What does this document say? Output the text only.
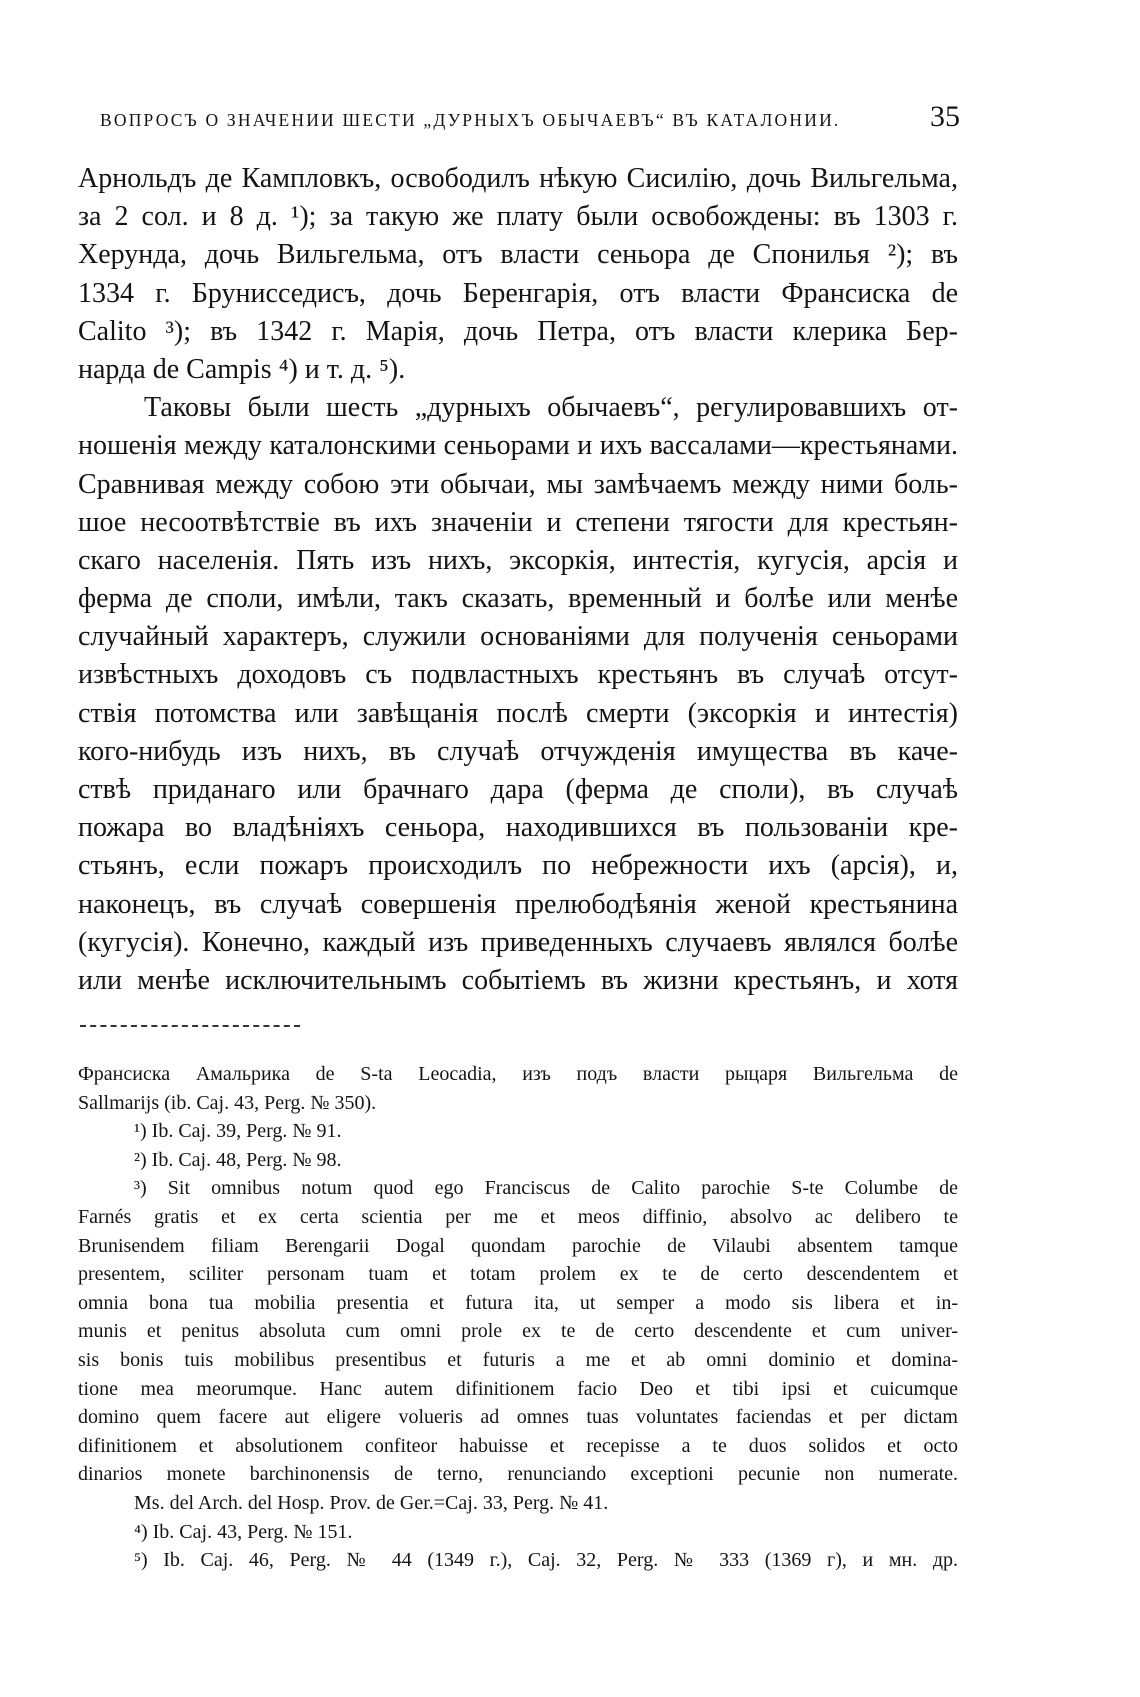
ВОПРОСЪ О ЗНАЧЕНИИ ШЕСТИ „ДУРНЫХЪ ОБЫЧАЕВЪ“ ВЪ КАТАЛОНИИ.	35
Арнольдъ де Кампловкъ, освободилъ нѣкую Сисилію, дочь Вильгельма,
за 2 сол. и 8 д. ¹); за такую же плату были освобождены: въ 1303 г.
Херунда, дочь Вильгельма, отъ власти сеньора де Спонилья ²); въ
1334 г. Брунисседисъ, дочь Беренгарія, отъ власти Франсиска de
Calito ³); въ 1342 г. Марія, дочь Петра, отъ власти клерика Бер-
нарда de Campis ⁴) и т. д. ⁵).
Таковы были шесть „дурныхъ обычаевъ“, регулировавшихъ от-
ношенія между каталонскими сеньорами и ихъ вассалами—крестьянами.
Сравнивая между собою эти обычаи, мы замѣчаемъ между ними боль-
шое несоотвѣтствіе въ ихъ значеніи и степени тягости для крестьян-
скаго населенія. Пять изъ нихъ, эксоркія, интестія, кугусія, арсія и
ферма де споли, имѣли, такъ сказать, временный и болѣе или менѣе
случайный характеръ, служили основаніями для полученія сеньорами
извѣстныхъ доходовъ съ подвластныхъ крестьянъ въ случаѣ отсут-
ствія потомства или завѣщанія послѣ смерти (эксоркія и интестія)
кого-нибудь изъ нихъ, въ случаѣ отчужденія имущества въ каче-
ствѣ приданаго или брачнаго дара (ферма де споли), въ случаѣ
пожара во владѣніяхъ сеньора, находившихся въ пользованіи кре-
стьянъ, если пожаръ происходилъ по небрежности ихъ (арсія), и,
наконецъ, въ случаѣ совершенія прелюбодѣянія женой крестьянина
(кугусія). Конечно, каждый изъ приведенныхъ случаевъ являлся болѣе
или менѣе исключительнымъ событіемъ въ жизни крестьянъ, и хотя
Франсиска Амальрика de S-ta Leocadia, изъ подъ власти рыцаря Вильгельма de
Sallmarijs (ib. Caj. 43, Perg. № 350).
¹) Ib. Caj. 39, Perg. № 91.
²) Ib. Caj. 48, Perg. № 98.
³) Sit omnibus notum quod ego Franciscus de Calito parochie S-te Columbe de
Farnés gratis et ex certa scientia per me et meos diffinio, absolvo ac delibero te
Brunisendem filiam Berengarii Dogal quondam parochie de Vilaubi absentem tamque
presentem, sciliter personam tuam et totam prolem ex te de certo descendentem et
omnia bona tua mobilia presentia et futura ita, ut semper a modo sis libera et in-
munis et penitus absoluta cum omni prole ex te de certo descendente et cum univer-
sis bonis tuis mobilibus presentibus et futuris a me et ab omni dominio et domina-
tione mea meorumque. Hanc autem difinitionem facio Deo et tibi ipsi et cuicumque
domino quem facere aut eligere volueris ad omnes tuas voluntates faciendas et per dictam
difinitionem et absolutionem confiteor habuisse et recepisse a te duos solidos et octo
dinarios monete barchinonensis de terno, renunciando exceptioni pecunie non numerate.
Ms. del Arch. del Hosp. Prov. de Ger.=Caj. 33, Perg. № 41.
⁴) Ib. Caj. 43, Perg. № 151.
⁵) Ib. Caj. 46, Perg. № 44 (1349 г.), Caj. 32, Perg. № 333 (1369 г), и мн. др.
